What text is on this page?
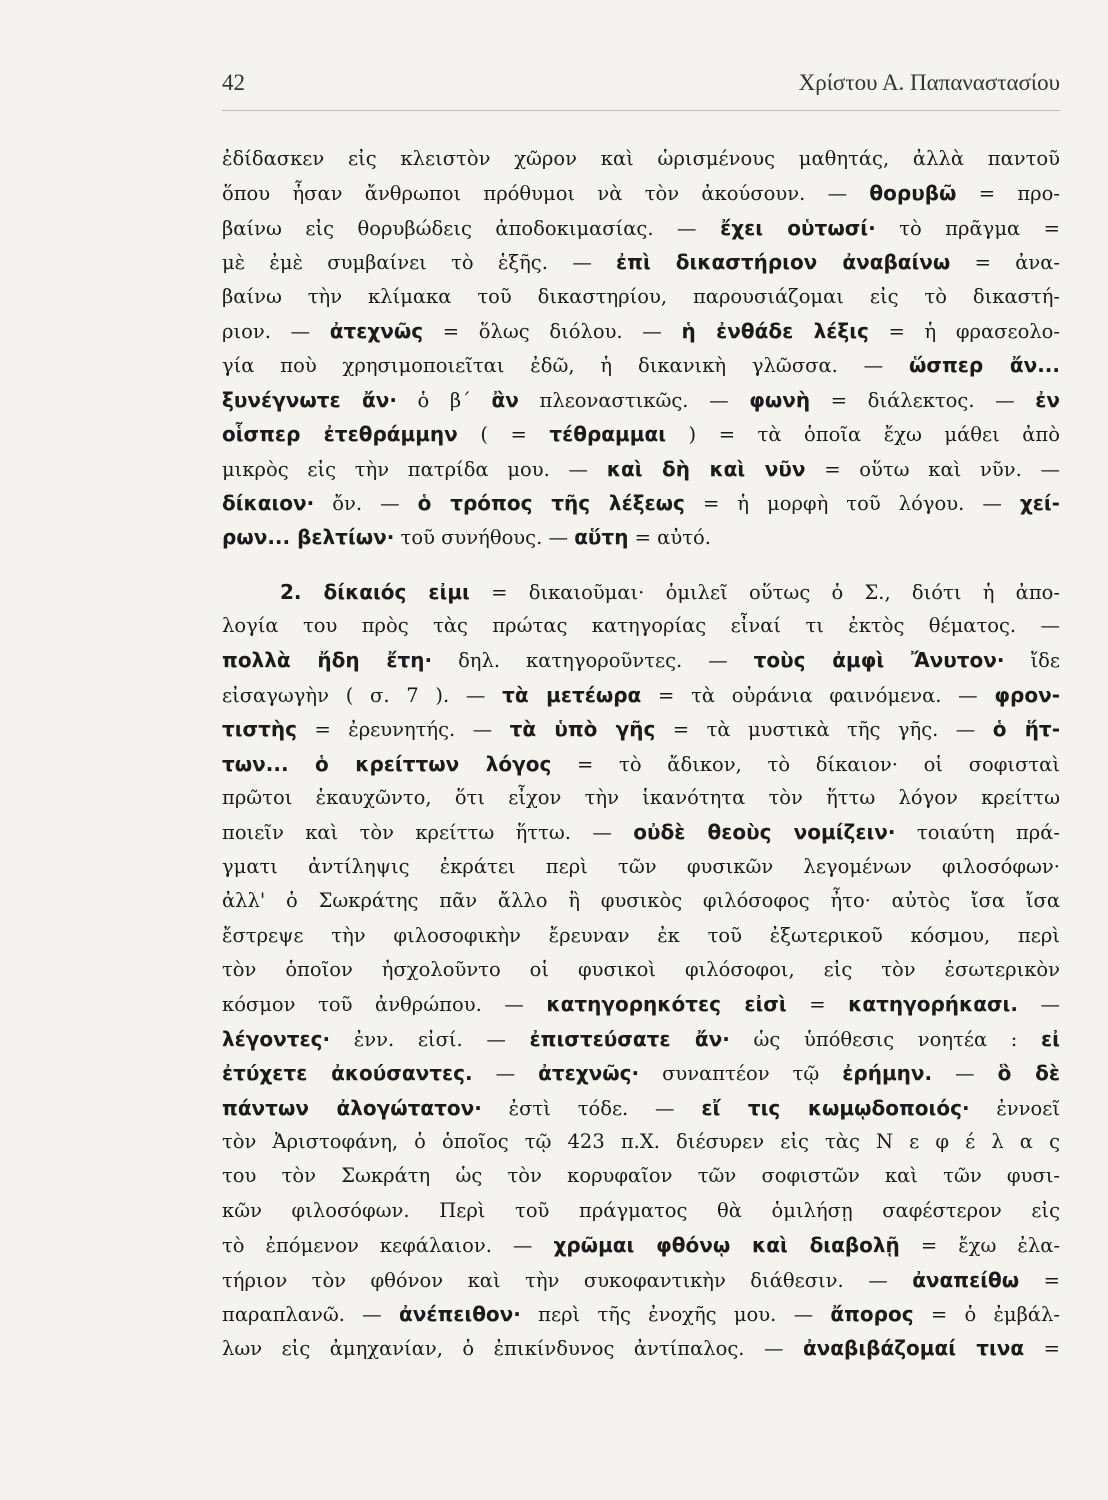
42	Χρίστου Α. Παπαναστασίου
ἐδίδασκεν εἰς κλειστὸν χῶρον καὶ ὡρισμένους μαθητάς, ἀλλὰ παντοῦ
ὅπου ἦσαν ἄνθρωποι πρόθυμοι νὰ τὸν ἀκούσουν. — θορυβῶ = προ-
βαίνω εἰς θορυβώδεις ἀποδοκιμασίας. — ἔχει οὑτωσί· τὸ πρᾶγμα =
μὲ ἐμὲ συμβαίνει τὸ ἑξῆς. — ἐπὶ δικαστήριον ἀναβαίνω = ἀνα-
βαίνω τὴν κλίμακα τοῦ δικαστηρίου, παρουσιάζομαι εἰς τὸ δικαστή-
ριον. — ἀτεχνῶς = ὅλως διόλου. — ἡ ἐνθάδε λέξις = ἡ φρασεολο-
γία ποὺ χρησιμοποιεῖται ἐδῶ, ἡ δικανικὴ γλῶσσα. — ὥσπερ ἄν...
ξυνέγνωτε ἄν· ὁ β΄ ἂν πλεοναστικῶς. — φωνὴ = διάλεκτος. — ἐν
οἷσπερ ἐτεθράμμην ( = τέθραμμαι ) = τὰ ὁποῖα ἔχω μάθει ἀπὸ
μικρὸς εἰς τὴν πατρίδα μου. — καὶ δὴ καὶ νῦν = οὕτω καὶ νῦν. —
δίκαιον· ὄν. — ὁ τρόπος τῆς λέξεως = ἡ μορφὴ τοῦ λόγου. — χεί-
ρων... βελτίων· τοῦ συνήθους. — αὕτη = αὐτό.
2. δίκαιός εἰμι = δικαιοῦμαι· ὁμιλεῖ οὕτως ὁ Σ., διότι ἡ ἀπο-
λογία του πρὸς τὰς πρώτας κατηγορίας εἶναί τι ἐκτὸς θέματος. —
πολλὰ ἤδη ἔτη· δηλ. κατηγοροῦντες. — τοὺς ἀμφὶ Ἄνυτον· ἴδε
εἰσαγωγὴν ( σ. 7 ). — τὰ μετέωρα = τὰ οὐράνια φαινόμενα. — φρον-
τιστὴς = ἐρευνητής. — τὰ ὑπὸ γῆς = τὰ μυστικὰ τῆς γῆς. — ὁ ἥτ-
των... ὁ κρείττων λόγος = τὸ ἄδικον, τὸ δίκαιον· οἱ σοφισταὶ
πρῶτοι ἐκαυχῶντο, ὅτι εἶχον τὴν ἱκανότητα τὸν ἥττω λόγον κρείττω
ποιεῖν καὶ τὸν κρείττω ἥττω. — οὐδὲ θεοὺς νομίζειν· τοιαύτη πρά-
γματι ἀντίληψις ἐκράτει περὶ τῶν φυσικῶν λεγομένων φιλοσόφων·
ἀλλ' ὁ Σωκράτης πᾶν ἄλλο ἢ φυσικὸς φιλόσοφος ἦτο· αὐτὸς ἴσα ἴσα
ἔστρεψε τὴν φιλοσοφικὴν ἔρευναν ἐκ τοῦ ἐξωτερικοῦ κόσμου, περὶ
τὸν ὁποῖον ἠσχολοῦντο οἱ φυσικοὶ φιλόσοφοι, εἰς τὸν ἐσωτερικὸν
κόσμον τοῦ ἀνθρώπου. — κατηγορηκότες εἰσὶ = κατηγορήκασι. —
λέγοντες· ἐνν. εἰσί. — ἐπιστεύσατε ἄν· ὡς ὑπόθεσις νοητέα : εἰ
ἐτύχετε ἀκούσαντες. — ἀτεχνῶς· συναπτέον τῷ ἐρήμην. — ὃ δὲ
πάντων ἀλογώτατον· ἐστὶ τόδε. — εἴ τις κωμῳδοποιός· ἐννοεῖ
τὸν Ἀριστοφάνη, ὁ ὁποῖος τῷ 423 π.Χ. διέσυρεν εἰς τὰς Ν ε φ έ λ α ς
του τὸν Σωκράτη ὡς τὸν κορυφαῖον τῶν σοφιστῶν καὶ τῶν φυσι-
κῶν φιλοσόφων. Περὶ τοῦ πράγματος θὰ ὁμιλήσῃ σαφέστερον εἰς
τὸ ἐπόμενον κεφάλαιον. — χρῶμαι φθόνῳ καὶ διαβολῇ = ἔχω ἐλα-
τήριον τὸν φθόνον καὶ τὴν συκοφαντικὴν διάθεσιν. — ἀναπείθω =
παραπλανῶ. — ἀνέπειθον· περὶ τῆς ἐνοχῆς μου. — ἄπορος = ὁ ἐμβάλ-
λων εἰς ἀμηχανίαν, ὁ ἐπικίνδυνος ἀντίπαλος. — ἀναβιβάζομαί τινα =
